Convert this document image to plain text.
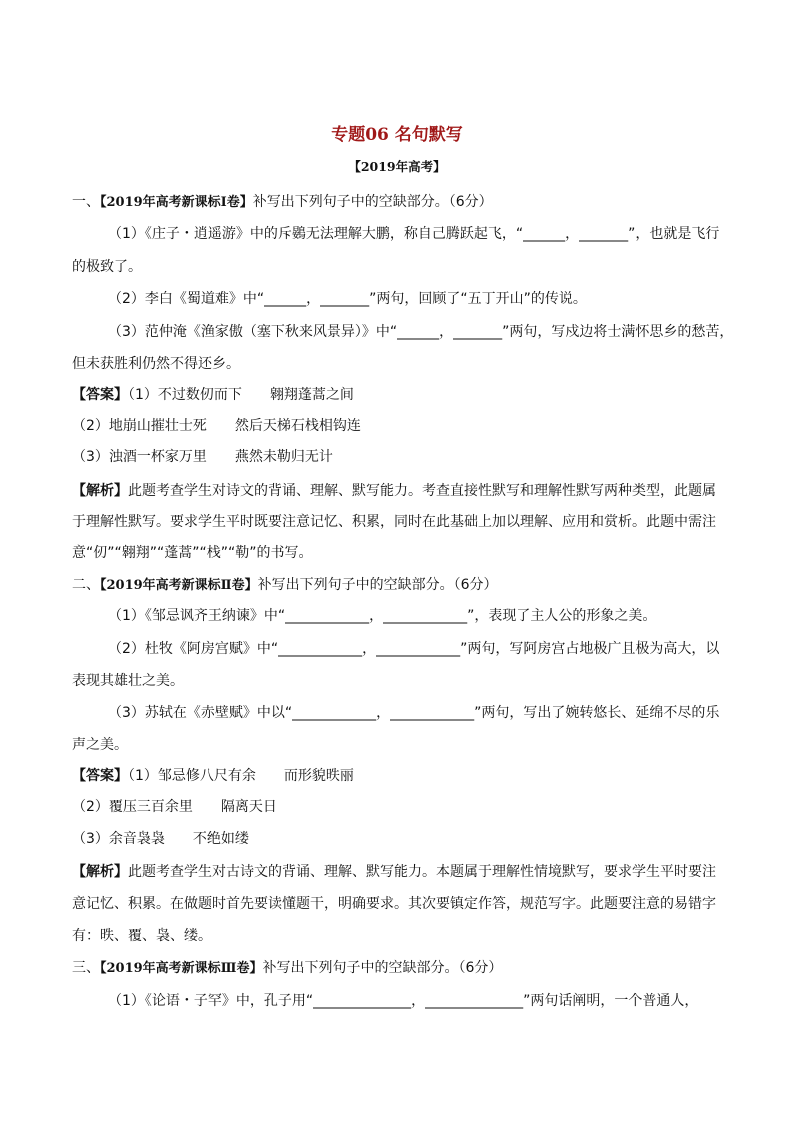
专题06 名句默写
【2019年高考】
一、【2019年高考新课标Ⅰ卷】补写出下列句子中的空缺部分。（6分）
（1）《庄子・逍遥游》中的斥鷃无法理解大鹏，称自己腾跃起飞，“______，_______”，也就是飞行
的极致了。
（2）李白《蜀道难》中“______，_______”两句，回顾了“五丁开山”的传说。
（3）范仲淹《渔家傲（塞下秋来风景异）》中“______，_______”两句，写戍边将士满怀思乡的愁苦，
但未获胜利仍然不得还乡。
【答案】（1）不过数仞而下　　翱翔蓬蒿之间
（2）地崩山摧壮士死　　然后天梯石栈相钩连
（3）浊酒一杯家万里　　燕然未勒归无计
【解析】此题考查学生对诗文的背诵、理解、默写能力。考查直接性默写和理解性默写两种类型，此题属
于理解性默写。要求学生平时既要注意记忆、积累，同时在此基础上加以理解、应用和赏析。此题中需注
意“仞”“翱翔”“蓬蒿”“栈”“勒”的书写。
二、【2019年高考新课标Ⅱ卷】补写出下列句子中的空缺部分。（6分）
（1）《邹忌讽齐王纳谏》中“____________，____________”，表现了主人公的形象之美。
（2）杜牧《阿房宫赋》中“____________，____________”两句，写阿房宫占地极广且极为高大，以
表现其雄壮之美。
（3）苏轼在《赤壁赋》中以“____________，____________”两句，写出了婉转悠长、延绵不尽的乐
声之美。
【答案】（1）邹忌修八尺有余　　而形貌昳丽
（2）覆压三百余里　　隔离天日
（3）余音袅袅　　不绝如缕
【解析】此题考查学生对古诗文的背诵、理解、默写能力。本题属于理解性情境默写，要求学生平时要注
意记忆、积累。在做题时首先要读懂题干，明确要求。其次要镇定作答，规范写字。此题要注意的易错字
有：昳、覆、袅、缕。
三、【2019年高考新课标Ⅲ卷】补写出下列句子中的空缺部分。（6分）
（1）《论语・子罕》中，孔子用“______________，______________”两句话阐明，一个普通人，
